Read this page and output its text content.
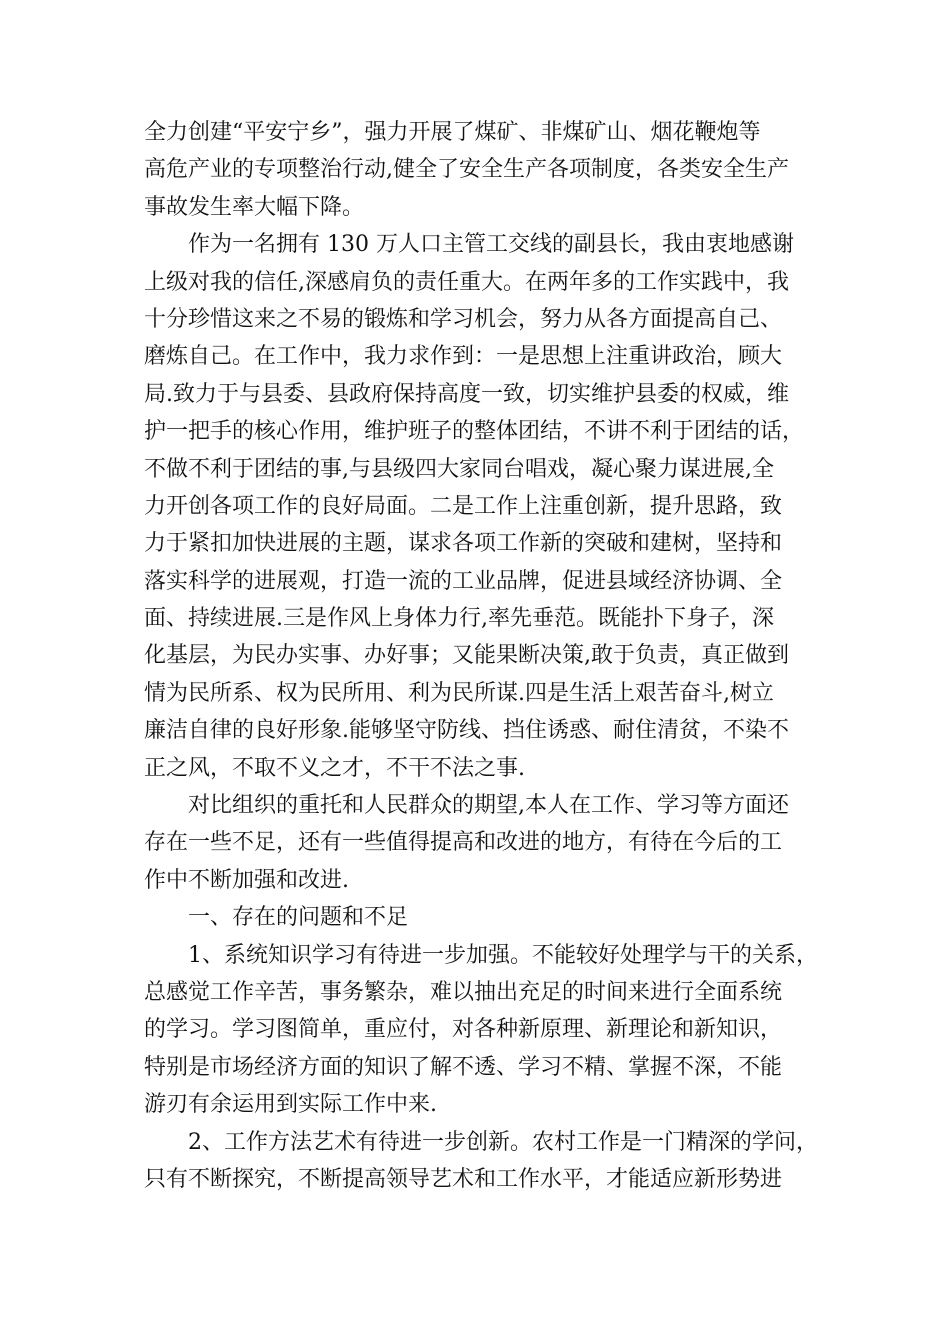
全力创建“平安宁乡”，强力开展了煤矿、非煤矿山、烟花鞭炮等
高危产业的专项整治行动,健全了安全生产各项制度，各类安全生产
事故发生率大幅下降。
作为一名拥有 130 万人口主管工交线的副县长，我由衷地感谢
上级对我的信任,深感肩负的责任重大。在两年多的工作实践中，我
十分珍惜这来之不易的锻炼和学习机会，努力从各方面提高自己、
磨炼自己。在工作中，我力求作到：一是思想上注重讲政治，顾大
局.致力于与县委、县政府保持高度一致，切实维护县委的权威，维
护一把手的核心作用，维护班子的整体团结，不讲不利于团结的话，
不做不利于团结的事,与县级四大家同台唱戏，凝心聚力谋进展,全
力开创各项工作的良好局面。二是工作上注重创新，提升思路，致
力于紧扣加快进展的主题，谋求各项工作新的突破和建树，坚持和
落实科学的进展观，打造一流的工业品牌，促进县域经济协调、全
面、持续进展.三是作风上身体力行,率先垂范。既能扑下身子，深
化基层，为民办实事、办好事；又能果断决策,敢于负责，真正做到
情为民所系、权为民所用、利为民所谋.四是生活上艰苦奋斗,树立
廉洁自律的良好形象.能够坚守防线、挡住诱惑、耐住清贫，不染不
正之风，不取不义之才，不干不法之事.
对比组织的重托和人民群众的期望,本人在工作、学习等方面还
存在一些不足，还有一些值得提高和改进的地方，有待在今后的工
作中不断加强和改进.
一、存在的问题和不足
1、系统知识学习有待进一步加强。不能较好处理学与干的关系，
总感觉工作辛苦，事务繁杂，难以抽出充足的时间来进行全面系统
的学习。学习图简单，重应付，对各种新原理、新理论和新知识，
特别是市场经济方面的知识了解不透、学习不精、掌握不深，不能
游刃有余运用到实际工作中来.
2、工作方法艺术有待进一步创新。农村工作是一门精深的学问，
只有不断探究，不断提高领导艺术和工作水平，才能适应新形势进
